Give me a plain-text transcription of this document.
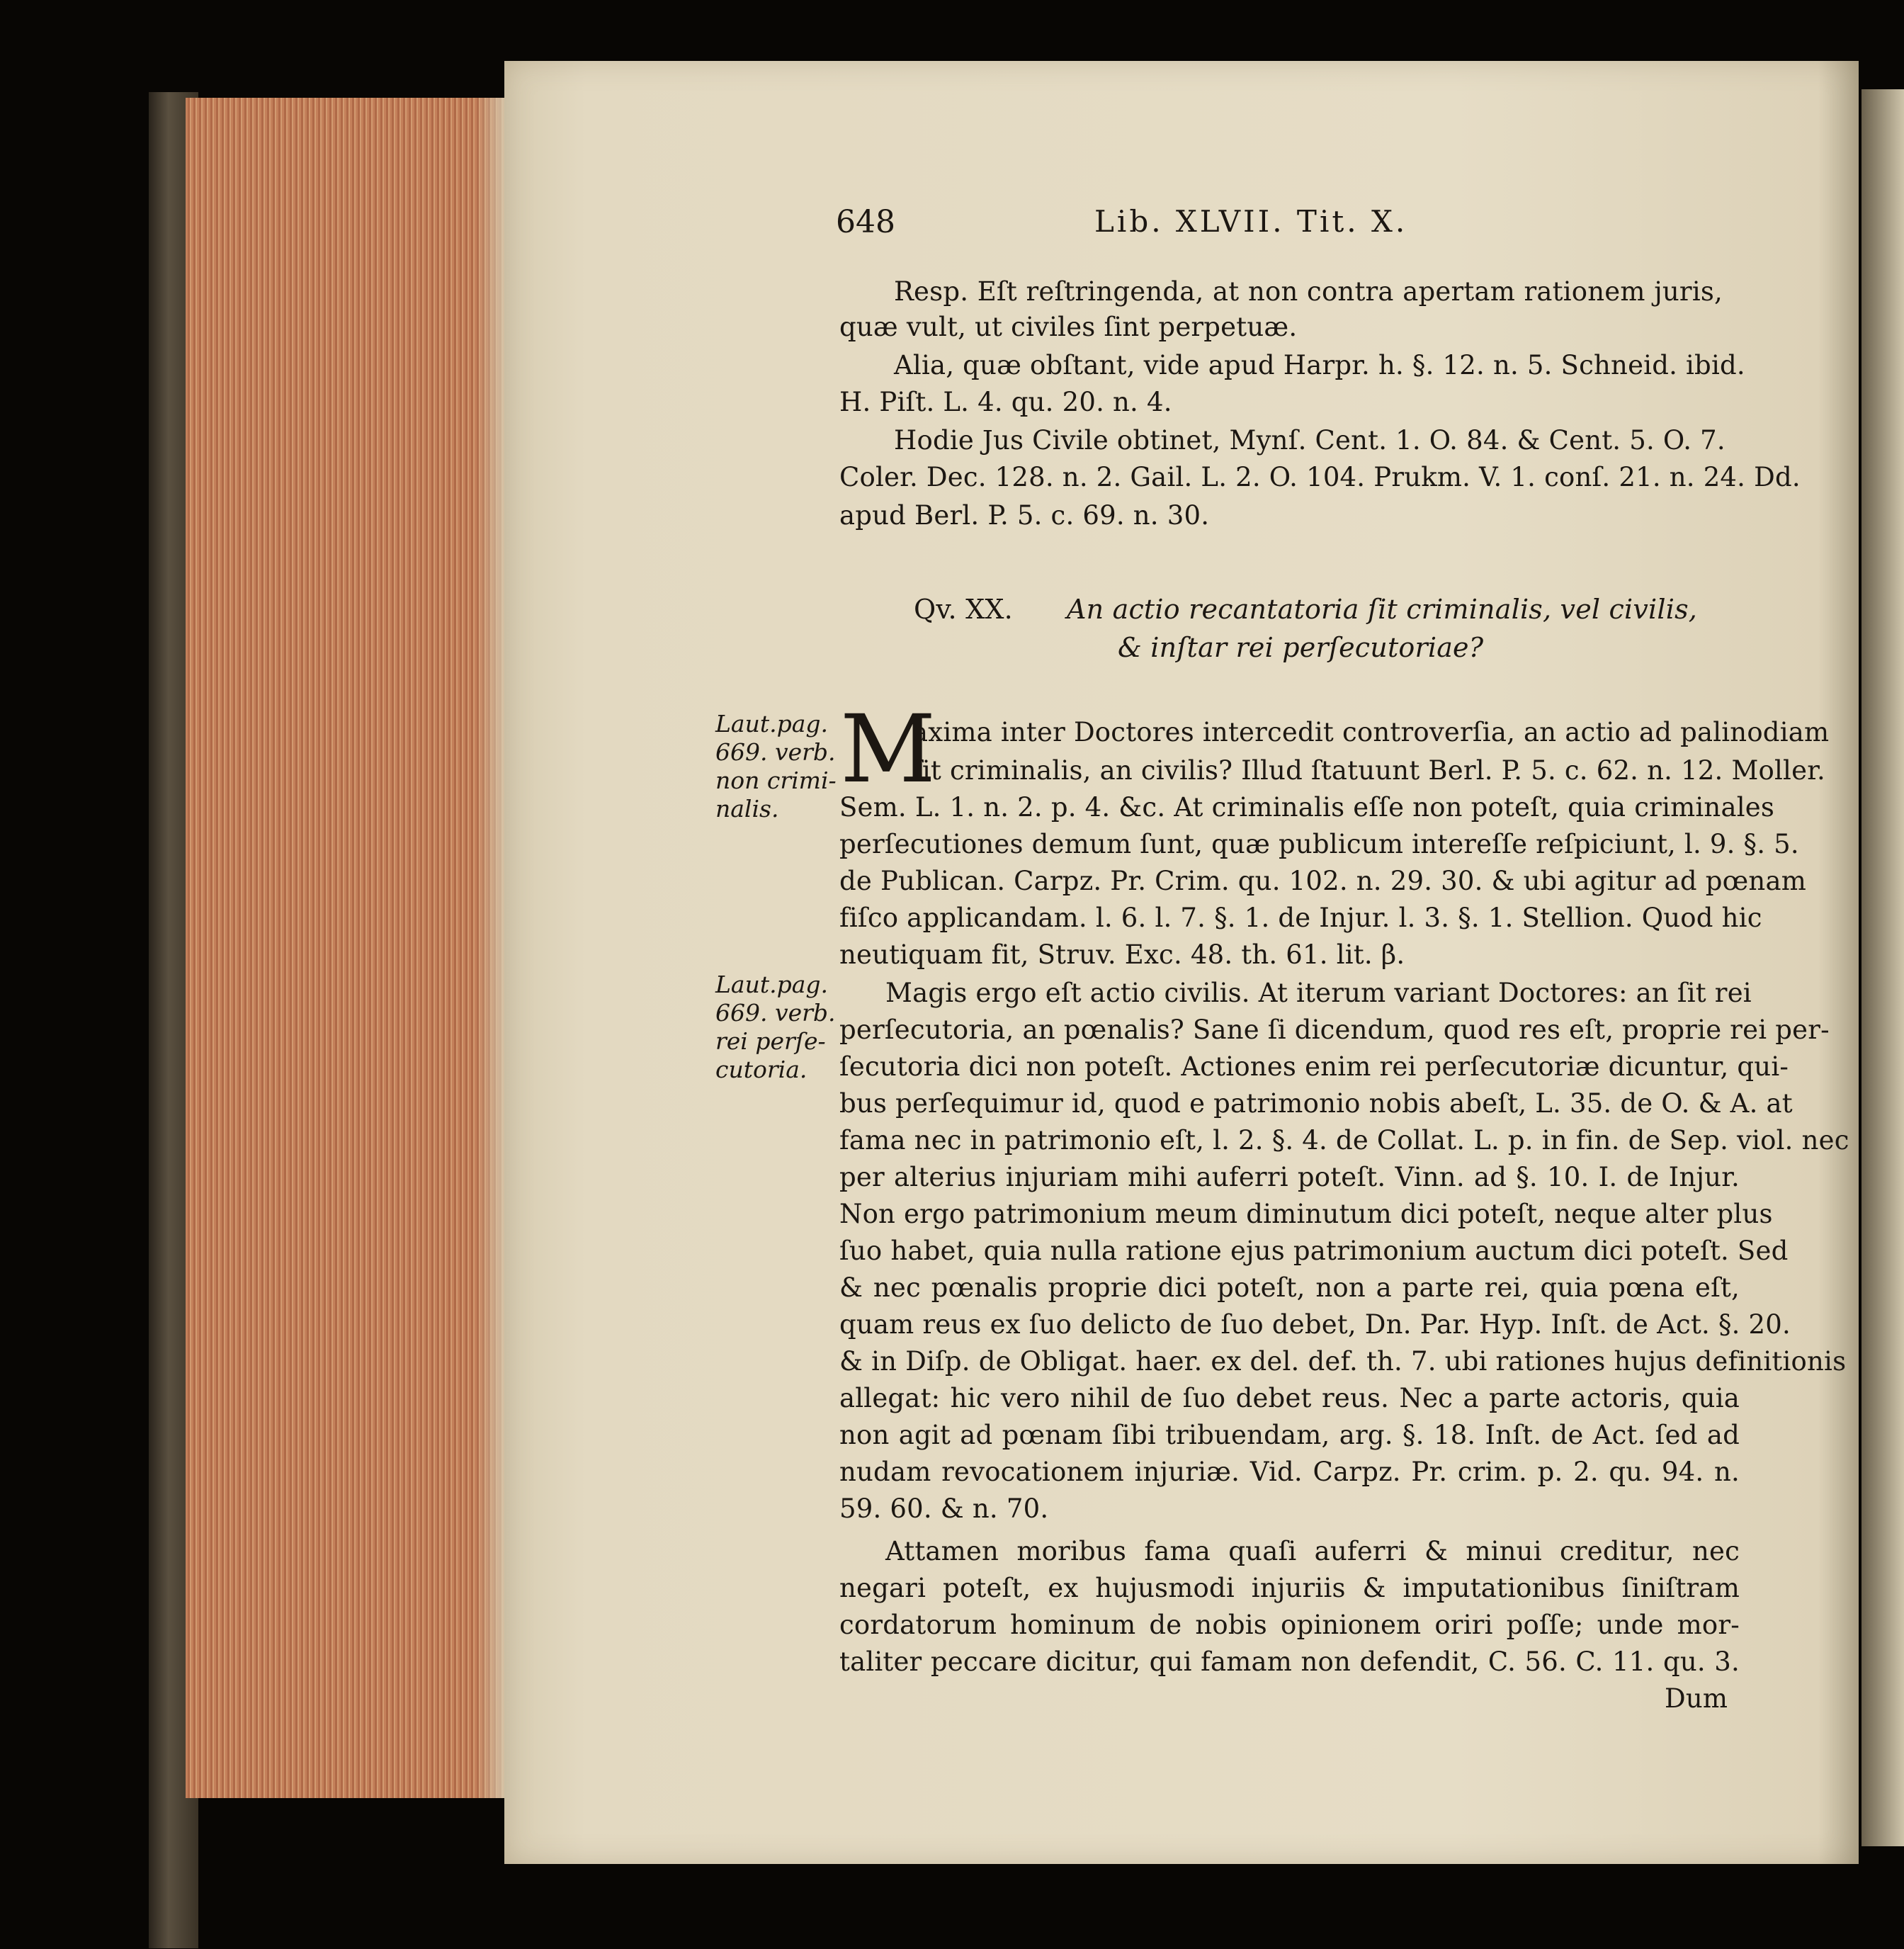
648	Lib. XLVII. Tit. X.
Resp. Eſt reſtringenda, at non contra apertam rationem juris,
quæ vult, ut civiles ſint perpetuæ.
Alia, quæ obſtant, vide apud Harpr. h. §. 12. n. 5. Schneid. ibid.
H. Piſt. L. 4. qu. 20. n. 4.
Hodie Jus Civile obtinet, Mynſ. Cent. 1. O. 84. & Cent. 5. O. 7.
Coler. Dec. 128. n. 2. Gail. L. 2. O. 104. Prukm. V. 1. conſ. 21. n. 24. Dd.
apud Berl. P. 5. c. 69. n. 30.
Qv. XX. An actio recantatoria ſit criminalis, vel civilis,
& inſtar rei perſecutoriae?
Laut.pag.
669. verb.
non crimi-
nalis.
Laut.pag.
669. verb.
rei perſe-
cutoria.
M
axima inter Doctores intercedit controverſia, an actio ad palinodiam
ſit criminalis, an civilis? Illud ſtatuunt Berl. P. 5. c. 62. n. 12. Moller.
Sem. L. 1. n. 2. p. 4. &c. At criminalis eſſe non poteſt, quia criminales
perſecutiones demum ſunt, quæ publicum intereſſe reſpiciunt, l. 9. §. 5.
de Publican. Carpz. Pr. Crim. qu. 102. n. 29. 30. & ubi agitur ad pœnam
fiſco applicandam. l. 6. l. 7. §. 1. de Injur. l. 3. §. 1. Stellion. Quod hic
neutiquam fit, Struv. Exc. 48. th. 61. lit. β.
Magis ergo eſt actio civilis. At iterum variant Doctores: an ſit rei
perſecutoria, an pœnalis? Sane ſi dicendum, quod res eſt, proprie rei per-
ſecutoria dici non poteſt. Actiones enim rei perſecutoriæ dicuntur, qui-
bus perſequimur id, quod e patrimonio nobis abeſt, L. 35. de O. & A. at
fama nec in patrimonio eſt, l. 2. §. 4. de Collat. L. p. in fin. de Sep. viol. nec
per alterius injuriam mihi auferri poteſt. Vinn. ad §. 10. I. de Injur.
Non ergo patrimonium meum diminutum dici poteſt, neque alter plus
ſuo habet, quia nulla ratione ejus patrimonium auctum dici poteſt. Sed
& nec pœnalis proprie dici poteſt, non a parte rei, quia pœna eſt,
quam reus ex ſuo delicto de ſuo debet, Dn. Par. Hyp. Inſt. de Act. §. 20.
& in Diſp. de Obligat. haer. ex del. def. th. 7. ubi rationes hujus definitionis
allegat: hic vero nihil de ſuo debet reus. Nec a parte actoris, quia
non agit ad pœnam ſibi tribuendam, arg. §. 18. Inſt. de Act. ſed ad
nudam revocationem injuriæ. Vid. Carpz. Pr. crim. p. 2. qu. 94. n.
59. 60. & n. 70.
Attamen moribus fama quaſi auferri & minui creditur, nec
negari poteſt, ex hujusmodi injuriis & imputationibus ſiniſtram
cordatorum hominum de nobis opinionem oriri poſſe; unde mor-
taliter peccare dicitur, qui famam non defendit, C. 56. C. 11. qu. 3.
Dum
